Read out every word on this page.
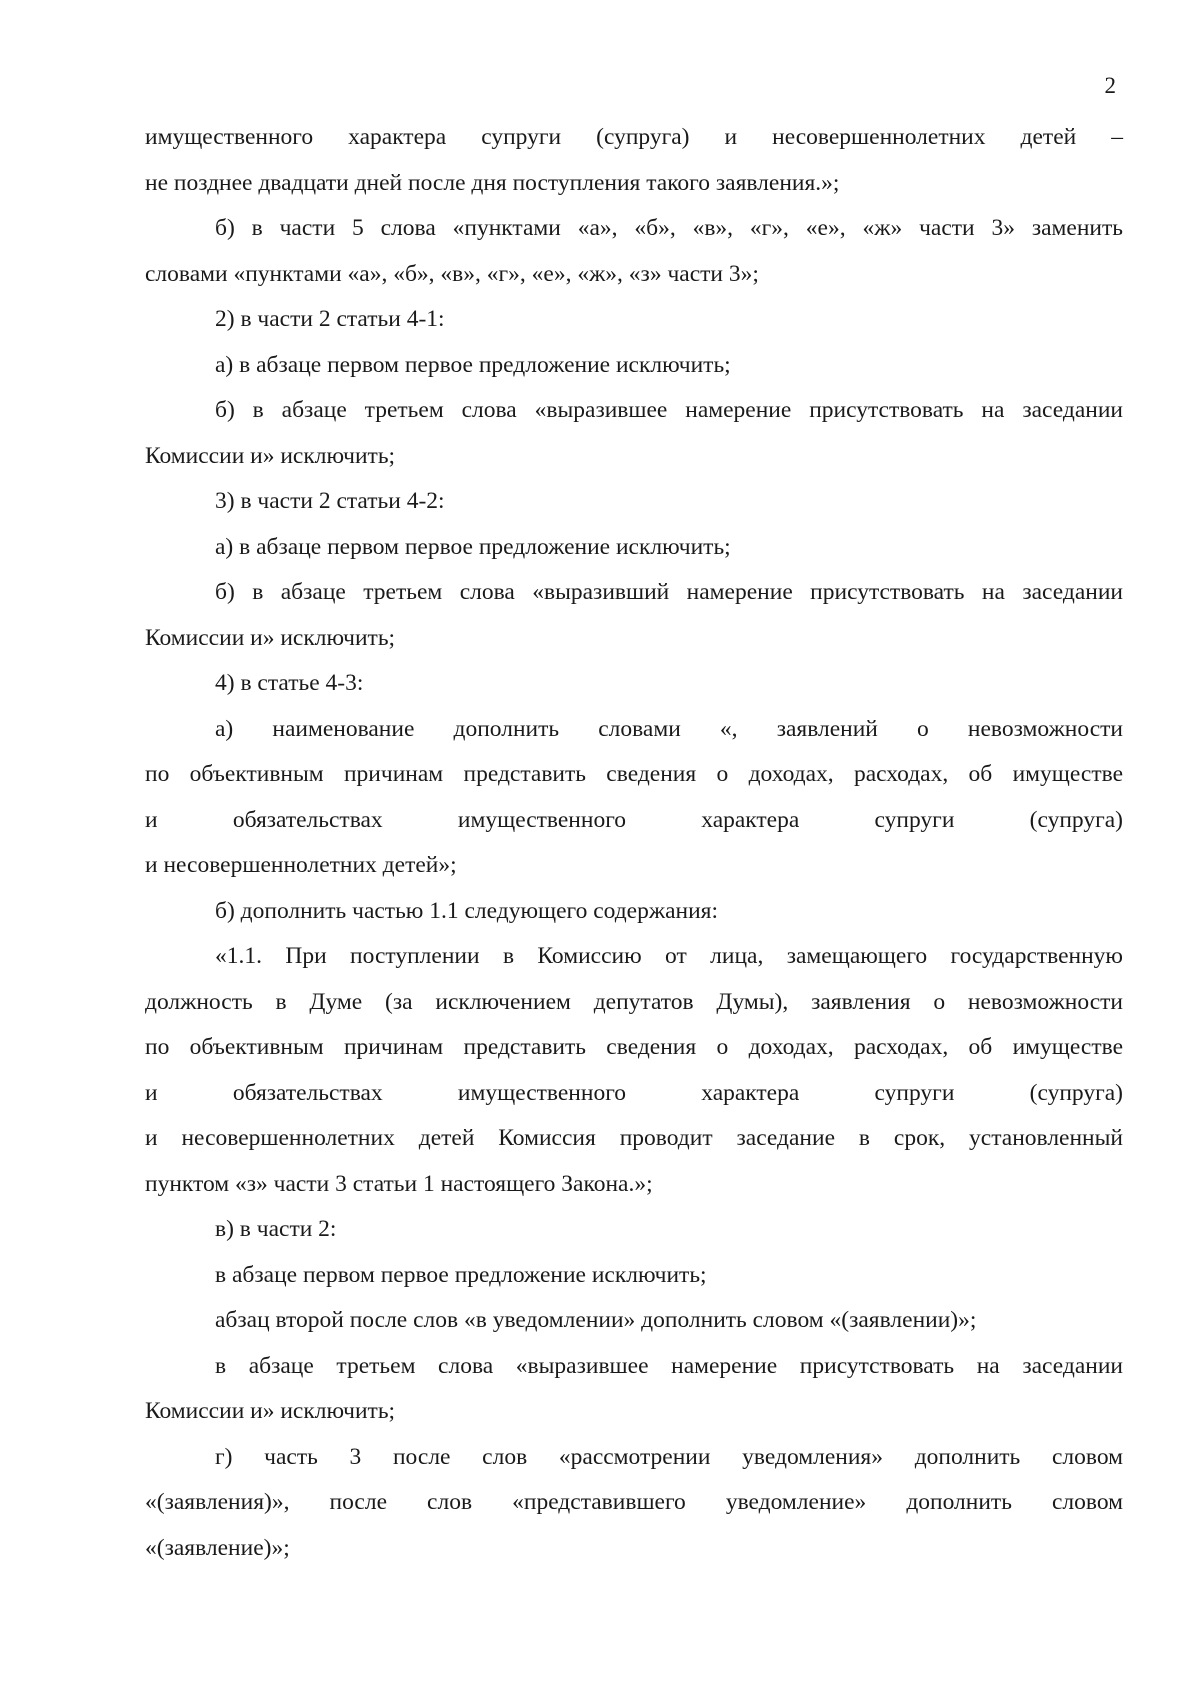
2
имущественного характера супруги (супруга) и несовершеннолетних детей –
не позднее двадцати дней после дня поступления такого заявления.»;
б) в части 5 слова «пунктами «а», «б», «в», «г», «е», «ж» части 3» заменить
словами «пунктами «а», «б», «в», «г», «е», «ж», «з» части 3»;
2) в части 2 статьи 4-1:
а) в абзаце первом первое предложение исключить;
б) в абзаце третьем слова «выразившее намерение присутствовать на заседании
Комиссии и» исключить;
3) в части 2 статьи 4-2:
а) в абзаце первом первое предложение исключить;
б) в абзаце третьем слова «выразивший намерение присутствовать на заседании
Комиссии и» исключить;
4) в статье 4-3:
а) наименование дополнить словами «, заявлений о невозможности
по объективным причинам представить сведения о доходах, расходах, об имуществе
и обязательствах имущественного характера супруги (супруга)
и несовершеннолетних детей»;
б) дополнить частью 1.1 следующего содержания:
«1.1. При поступлении в Комиссию от лица, замещающего государственную
должность в Думе (за исключением депутатов Думы), заявления о невозможности
по объективным причинам представить сведения о доходах, расходах, об имуществе
и обязательствах имущественного характера супруги (супруга)
и несовершеннолетних детей Комиссия проводит заседание в срок, установленный
пунктом «з» части 3 статьи 1 настоящего Закона.»;
в) в части 2:
в абзаце первом первое предложение исключить;
абзац второй после слов «в уведомлении» дополнить словом «(заявлении)»;
в абзаце третьем слова «выразившее намерение присутствовать на заседании
Комиссии и» исключить;
г) часть 3 после слов «рассмотрении уведомления» дополнить словом
«(заявления)», после слов «представившего уведомление» дополнить словом
«(заявление)»;
